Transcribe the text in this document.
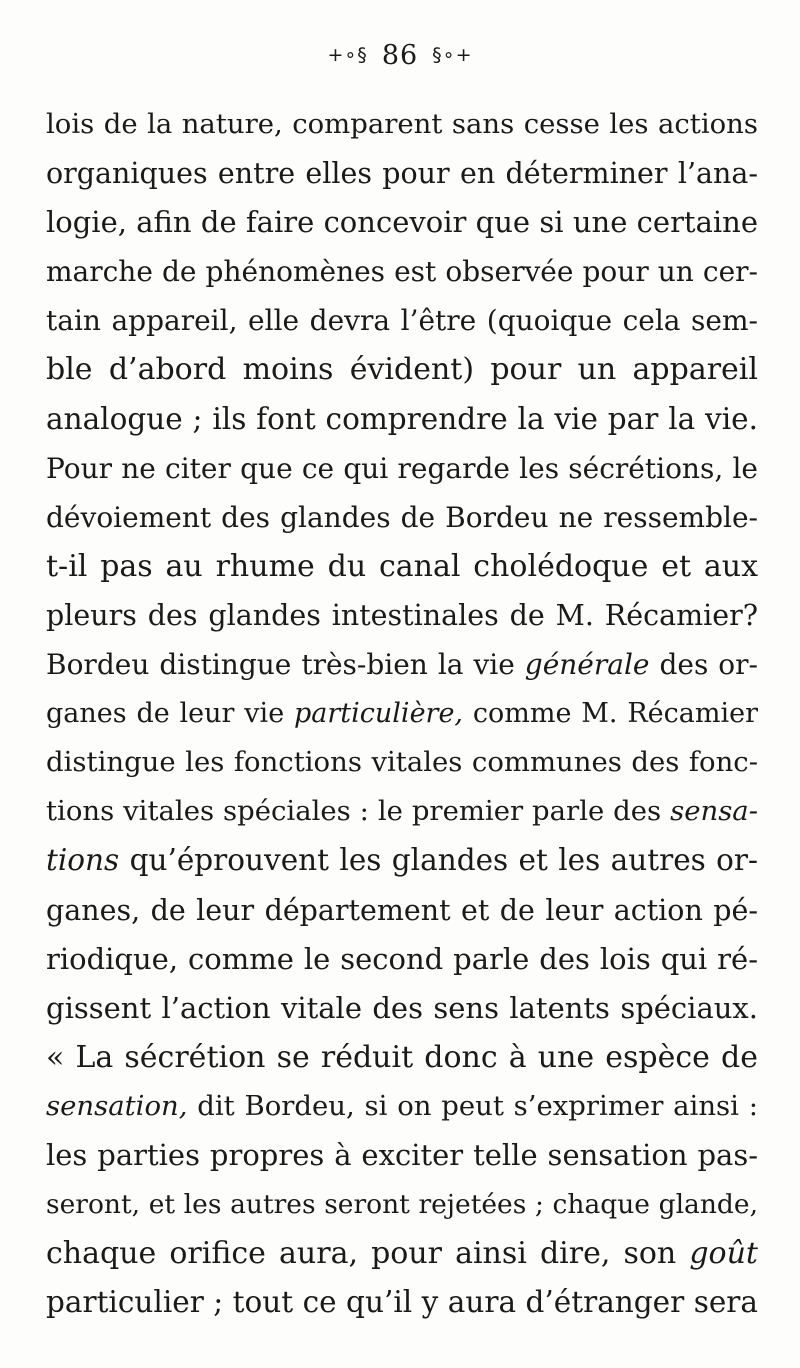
+∘§ 86 §∘+
lois de la nature, comparent sans cesse les actions
organiques entre elles pour en déterminer l’ana-
logie, afin de faire concevoir que si une certaine
marche de phénomènes est observée pour un cer-
tain appareil, elle devra l’être (quoique cela sem-
ble d’abord moins évident) pour un appareil
analogue ; ils font comprendre la vie par la vie.
Pour ne citer que ce qui regarde les sécrétions, le
dévoiement des glandes de Bordeu ne ressemble-
t-il pas au rhume du canal cholédoque et aux
pleurs des glandes intestinales de M. Récamier?
Bordeu distingue très-bien la vie générale des or-
ganes de leur vie particulière, comme M. Récamier
distingue les fonctions vitales communes des fonc-
tions vitales spéciales : le premier parle des sensa-
tions qu’éprouvent les glandes et les autres or-
ganes, de leur département et de leur action pé-
riodique, comme le second parle des lois qui ré-
gissent l’action vitale des sens latents spéciaux.
« La sécrétion se réduit donc à une espèce de
sensation, dit Bordeu, si on peut s’exprimer ainsi :
les parties propres à exciter telle sensation pas-
seront, et les autres seront rejetées ; chaque glande,
chaque orifice aura, pour ainsi dire, son goût
particulier ; tout ce qu’il y aura d’étranger sera
